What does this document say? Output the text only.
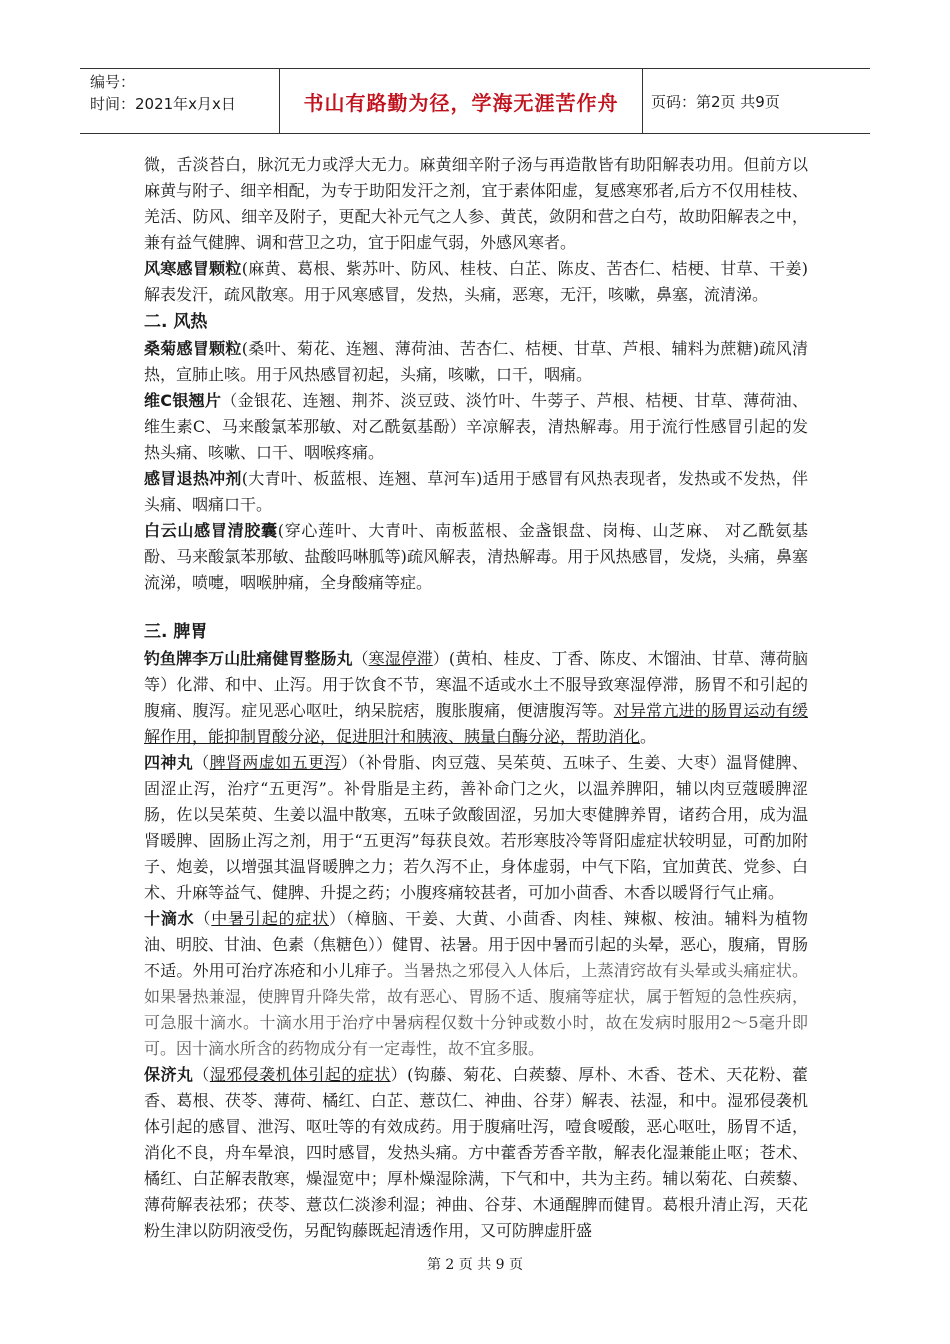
编号：
时间：2021年x月x日	书山有路勤为径，学海无涯苦作舟	页码：第2页 共9页

微，舌淡苔白，脉沉无力或浮大无力。麻黄细辛附子汤与再造散皆有助阳解表功用。但前方以麻黄与附子、细辛相配，为专于助阳发汗之剂，宜于素体阳虚，复感寒邪者,后方不仅用桂枝、羌活、防风、细辛及附子，更配大补元气之人参、黄芪，敛阴和营之白芍，故助阳解表之中，兼有益气健脾、调和营卫之功，宜于阳虚气弱，外感风寒者。

风寒感冒颗粒(麻黄、葛根、紫苏叶、防风、桂枝、白芷、陈皮、苦杏仁、桔梗、甘草、干姜)解表发汗，疏风散寒。用于风寒感冒，发热，头痛，恶寒，无汗，咳嗽，鼻塞，流清涕。

二. 风热

桑菊感冒颗粒(桑叶、菊花、连翘、薄荷油、苦杏仁、桔梗、甘草、芦根、辅料为蔗糖)疏风清热，宣肺止咳。用于风热感冒初起，头痛，咳嗽，口干，咽痛。

维C银翘片（金银花、连翘、荆芥、淡豆豉、淡竹叶、牛蒡子、芦根、桔梗、甘草、薄荷油、维生素C、马来酸氯苯那敏、对乙酰氨基酚）辛凉解表，清热解毒。用于流行性感冒引起的发热头痛、咳嗽、口干、咽喉疼痛。

感冒退热冲剂(大青叶、板蓝根、连翘、草河车)适用于感冒有风热表现者，发热或不发热，伴头痛、咽痛口干。

白云山感冒清胶囊(穿心莲叶、大青叶、南板蓝根、金盏银盘、岗梅、山芝麻、 对乙酰氨基酚、马来酸氯苯那敏、盐酸吗啉胍等)疏风解表，清热解毒。用于风热感冒，发烧，头痛，鼻塞流涕，喷嚏，咽喉肿痛，全身酸痛等症。

三. 脾胃

钓鱼牌李万山肚痛健胃整肠丸（寒湿停滞）(黄柏、桂皮、丁香、陈皮、木馏油、甘草、薄荷脑等）化滞、和中、止泻。用于饮食不节，寒温不适或水土不服导致寒湿停滞，肠胃不和引起的腹痛、腹泻。症见恶心呕吐，纳呆脘痞，腹胀腹痛，便溏腹泻等。对异常亢进的肠胃运动有缓解作用，能抑制胃酸分泌，促进胆汁和胰液、胰量白酶分泌，帮助消化。

四神丸（脾肾两虚如五更泻）（补骨脂、肉豆蔻、吴茱萸、五味子、生姜、大枣）温肾健脾、固涩止泻，治疗“五更泻”。补骨脂是主药，善补命门之火，以温养脾阳，辅以肉豆蔻暖脾涩肠，佐以吴茱萸、生姜以温中散寒，五味子敛酸固涩，另加大枣健脾养胃，诸药合用，成为温肾暖脾、固肠止泻之剂，用于“五更泻”每获良效。若形寒肢冷等肾阳虚症状较明显，可酌加附子、炮姜，以增强其温肾暖脾之力；若久泻不止，身体虚弱，中气下陷，宜加黄芪、党参、白术、升麻等益气、健脾、升提之药；小腹疼痛较甚者，可加小茴香、木香以暖肾行气止痛。

十滴水（中暑引起的症状）（樟脑、干姜、大黄、小茴香、肉桂、辣椒、桉油。辅料为植物油、明胶、甘油、色素（焦糖色））健胃、祛暑。用于因中暑而引起的头晕，恶心，腹痛，胃肠不适。外用可治疗冻疮和小儿痱子。当暑热之邪侵入人体后，上蒸清窍故有头晕或头痛症状。如果暑热兼湿，使脾胃升降失常，故有恶心、胃肠不适、腹痛等症状，属于暂短的急性疾病，可急服十滴水。十滴水用于治疗中暑病程仅数十分钟或数小时，故在发病时服用2～5毫升即可。因十滴水所含的药物成分有一定毒性，故不宜多服。

保济丸（湿邪侵袭机体引起的症状）(钩藤、菊花、白蒺藜、厚朴、木香、苍术、天花粉、藿香、葛根、茯苓、薄荷、橘红、白芷、薏苡仁、神曲、谷芽）解表、祛湿，和中。湿邪侵袭机体引起的感冒、泄泻、呕吐等的有效成药。用于腹痛吐泻，噎食嗳酸，恶心呕吐，肠胃不适，消化不良，舟车晕浪，四时感冒，发热头痛。方中藿香芳香辛散，解表化湿兼能止呕；苍术、橘红、白芷解表散寒，燥湿宽中；厚朴燥湿除满，下气和中，共为主药。辅以菊花、白蒺藜、薄荷解表祛邪；茯苓、薏苡仁淡渗利湿；神曲、谷芽、木通醒脾而健胃。葛根升清止泻，天花粉生津以防阴液受伤，另配钩藤既起清透作用，又可防脾虚肝盛

第 2 页 共 9 页
